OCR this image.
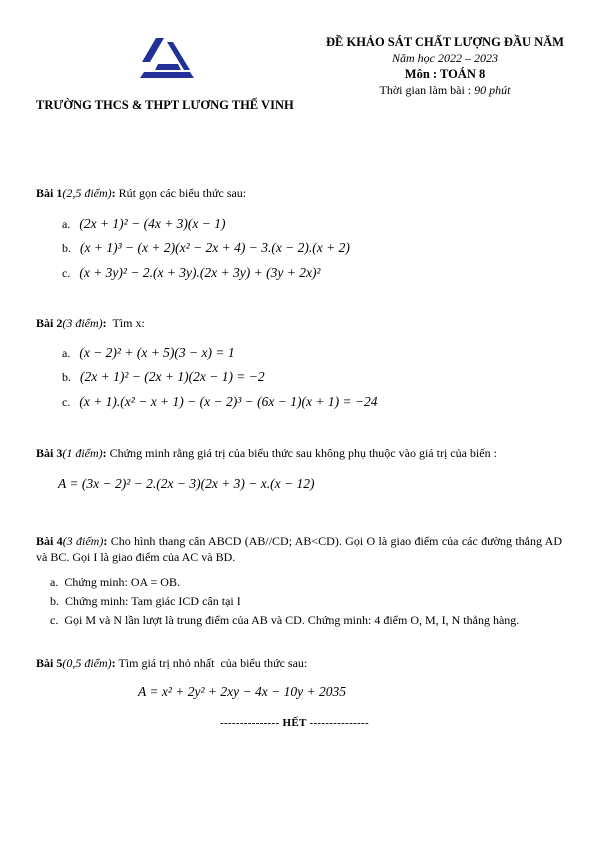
ĐỀ KHẢO SÁT CHẤT LƯỢNG ĐẦU NĂM
Năm học 2022 – 2023
Môn : TOÁN 8
Thời gian làm bài : 90 phút
TRƯỜNG THCS & THPT LƯƠNG THẾ VINH
Bài 1(2,5 điểm): Rút gọn các biểu thức sau:
a. (2x + 1)² − (4x + 3)(x − 1)
b. (x + 1)³ − (x + 2)(x² − 2x + 4) − 3.(x − 2).(x + 2)
c. (x + 3y)² − 2.(x + 3y).(2x + 3y) + (3y + 2x)²
Bài 2(3 điểm):  Tìm x:
a. (x − 2)² + (x + 5)(3 − x) = 1
b. (2x + 1)² − (2x + 1)(2x − 1) = −2
c. (x + 1).(x² − x + 1) − (x − 2)³ − (6x − 1)(x + 1) = −24
Bài 3(1 điểm): Chứng minh rằng giá trị của biểu thức sau không phụ thuộc vào giá trị của biến :
A = (3x − 2)² − 2.(2x − 3)(2x + 3) − x.(x − 12)
Bài 4(3 điểm): Cho hình thang cân ABCD (AB//CD; AB<CD). Gọi O là giao điểm của các đường thẳng AD và BC. Gọi I là giao điểm của AC và BD.
a. Chứng minh: OA = OB.
b. Chứng minh: Tam giác ICD cân tại I
c. Gọi M và N lần lượt là trung điểm của AB và CD. Chứng minh: 4 điểm O, M, I, N thẳng hàng.
Bài 5(0,5 điểm): Tìm giá trị nhỏ nhất  của biểu thức sau:
A = x² + 2y² + 2xy − 4x − 10y + 2035
--------------- HẾT ---------------
